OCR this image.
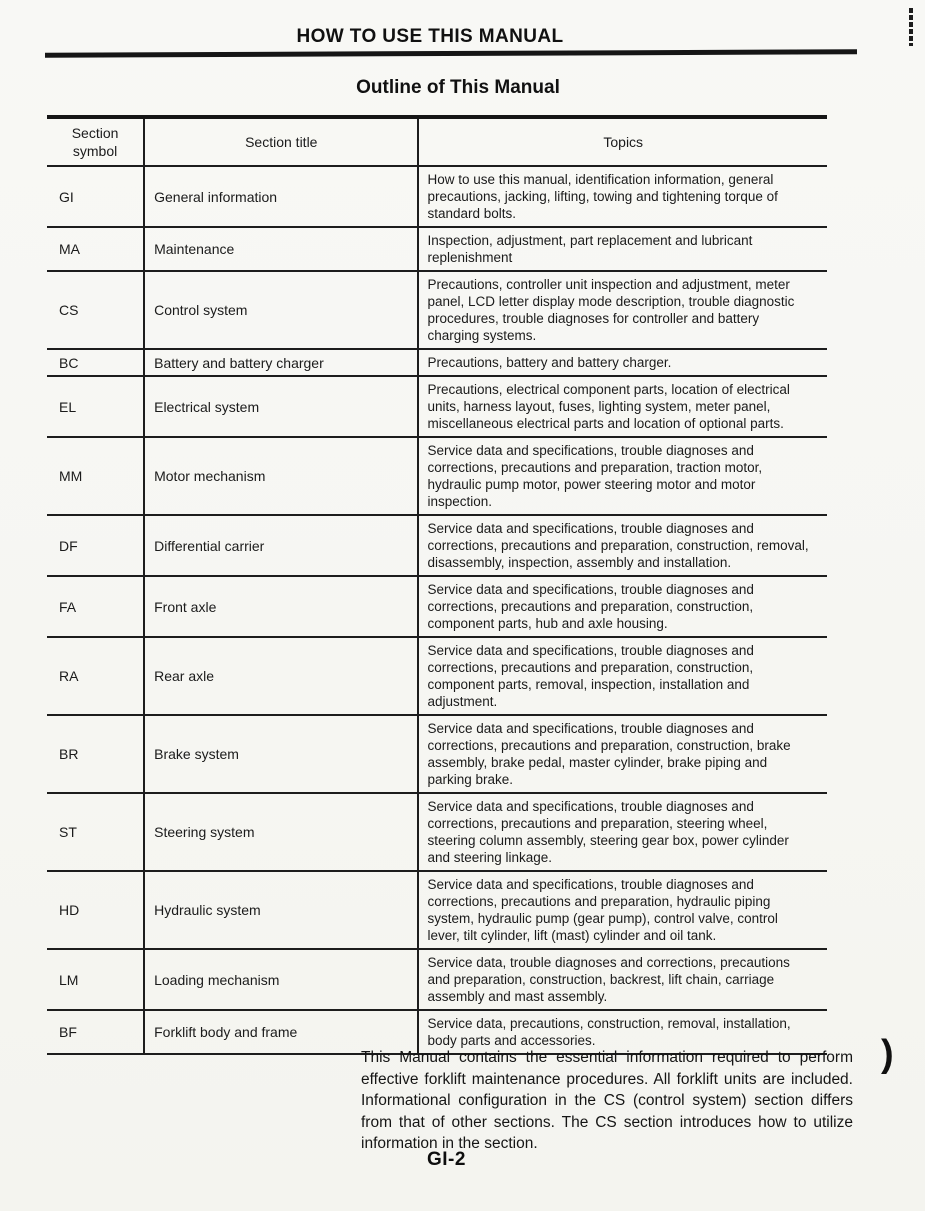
HOW TO USE THIS MANUAL
Outline of This Manual
Section symbol	Section title	Topics
GI	General information	How to use this manual, identification information, general precautions, jacking, lifting, towing and tightening torque of standard bolts.
MA	Maintenance	Inspection, adjustment, part replacement and lubricant replenishment
CS	Control system	Precautions, controller unit inspection and adjustment, meter panel, LCD letter display mode description, trouble diagnostic procedures, trouble diagnoses for controller and battery charging systems.
BC	Battery and battery charger	Precautions, battery and battery charger.
EL	Electrical system	Precautions, electrical component parts, location of electrical units, harness layout, fuses, lighting system, meter panel, miscellaneous electrical parts and location of optional parts.
MM	Motor mechanism	Service data and specifications, trouble diagnoses and corrections, precautions and preparation, traction motor, hydraulic pump motor, power steering motor and motor inspection.
DF	Differential carrier	Service data and specifications, trouble diagnoses and corrections, precautions and preparation, construction, removal, disassembly, inspection, assembly and installation.
FA	Front axle	Service data and specifications, trouble diagnoses and corrections, precautions and preparation, construction, component parts, hub and axle housing.
RA	Rear axle	Service data and specifications, trouble diagnoses and corrections, precautions and preparation, construction, component parts, removal, inspection, installation and adjustment.
BR	Brake system	Service data and specifications, trouble diagnoses and corrections, precautions and preparation, construction, brake assembly, brake pedal, master cylinder, brake piping and parking brake.
ST	Steering system	Service data and specifications, trouble diagnoses and corrections, precautions and preparation, steering wheel, steering column assembly, steering gear box, power cylinder and steering linkage.
HD	Hydraulic system	Service data and specifications, trouble diagnoses and corrections, precautions and preparation, hydraulic piping system, hydraulic pump (gear pump), control valve, control lever, tilt cylinder, lift (mast) cylinder and oil tank.
LM	Loading mechanism	Service data, trouble diagnoses and corrections, precautions and preparation, construction, backrest, lift chain, carriage assembly and mast assembly.
BF	Forklift body and frame	Service data, precautions, construction, removal, installation, body parts and accessories.
This Manual contains the essential information required to perform effective forklift maintenance procedures. All forklift units are included. Informational configuration in the CS (control system) section differs from that of other sections. The CS section introduces how to utilize information in the section.
GI-2
)
